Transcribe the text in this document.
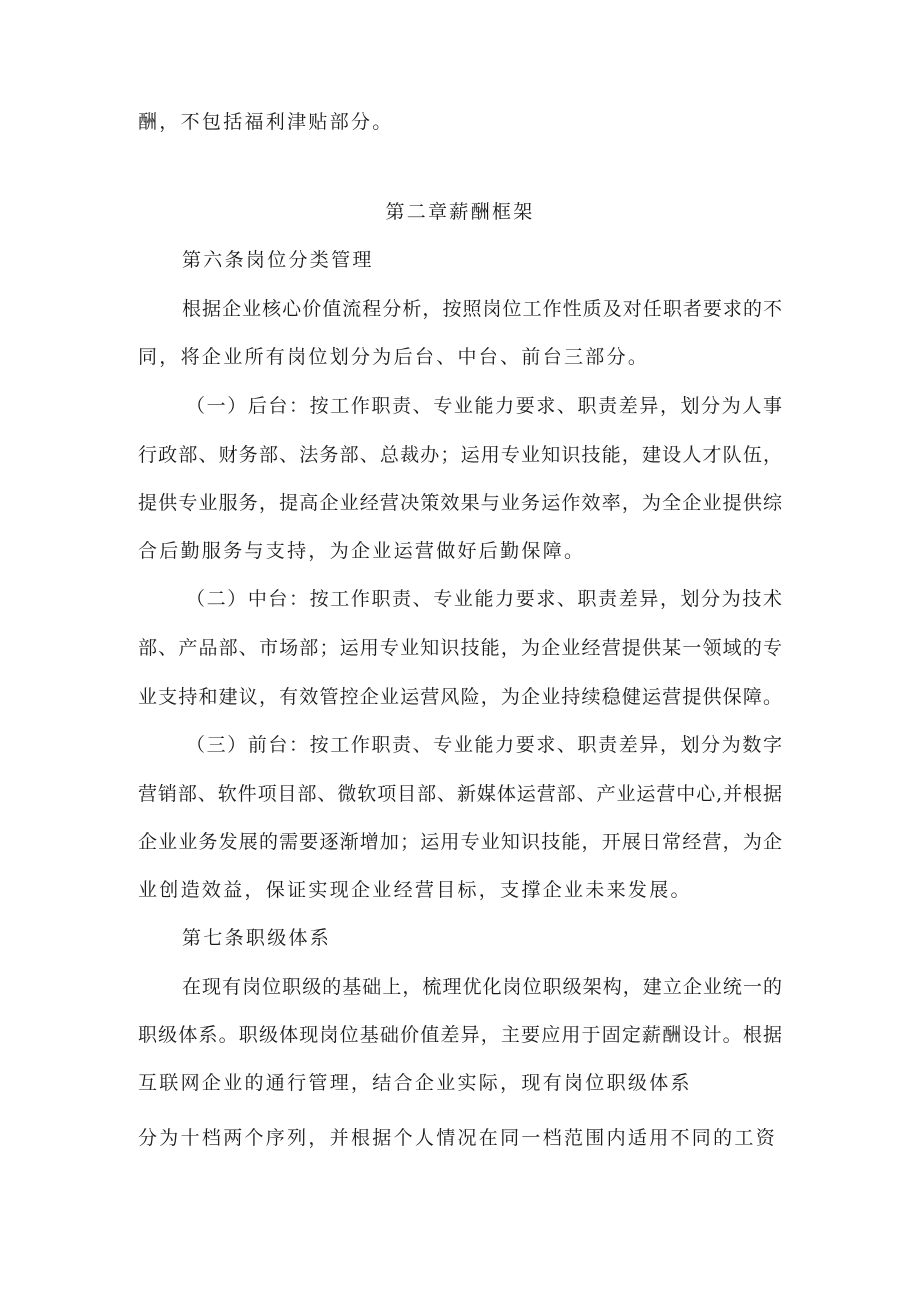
酬，不包括福利津贴部分。
第二章薪酬框架
第六条岗位分类管理
根据企业核心价值流程分析，按照岗位工作性质及对任职者要求的不
同，将企业所有岗位划分为后台、中台、前台三部分。
（一）后台：按工作职责、专业能力要求、职责差异，划分为人事
行政部、财务部、法务部、总裁办；运用专业知识技能，建设人才队伍，
提供专业服务，提高企业经营决策效果与业务运作效率，为全企业提供综
合后勤服务与支持，为企业运营做好后勤保障。
（二）中台：按工作职责、专业能力要求、职责差异，划分为技术
部、产品部、市场部；运用专业知识技能，为企业经营提供某一领域的专
业支持和建议，有效管控企业运营风险，为企业持续稳健运营提供保障。
（三）前台：按工作职责、专业能力要求、职责差异，划分为数字
营销部、软件项目部、微软项目部、新媒体运营部、产业运营中心,并根据
企业业务发展的需要逐渐增加；运用专业知识技能，开展日常经营，为企
业创造效益，保证实现企业经营目标，支撑企业未来发展。
第七条职级体系
在现有岗位职级的基础上，梳理优化岗位职级架构，建立企业统一的
职级体系。职级体现岗位基础价值差异，主要应用于固定薪酬设计。根据
互联网企业的通行管理，结合企业实际，现有岗位职级体系
分为十档两个序列，并根据个人情况在同一档范围内适用不同的工资
